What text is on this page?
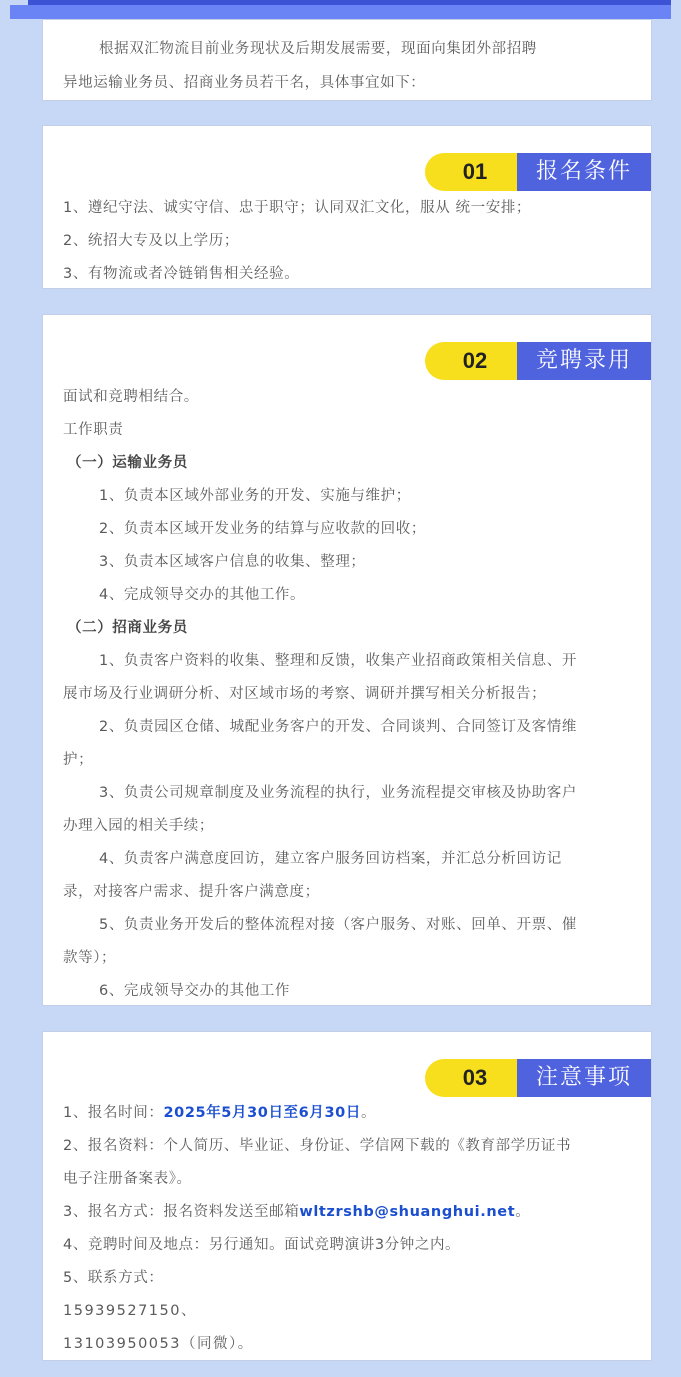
根据双汇物流目前业务现状及后期发展需要，现面向集团外部招聘

异地运输业务员、招商业务员若干名，具体事宜如下：

01	报名条件

1、遵纪守法、诚实守信、忠于职守；认同双汇文化，服从 统一安排；

2、统招大专及以上学历；

3、有物流或者冷链销售相关经验。

02	竞聘录用

面试和竞聘相结合。

工作职责

（一）运输业务员

1、负责本区域外部业务的开发、实施与维护；

2、负责本区域开发业务的结算与应收款的回收；

3、负责本区域客户信息的收集、整理；

4、完成领导交办的其他工作。

（二）招商业务员

1、负责客户资料的收集、整理和反馈，收集产业招商政策相关信息、开

展市场及行业调研分析、对区域市场的考察、调研并撰写相关分析报告；

2、负责园区仓储、城配业务客户的开发、合同谈判、合同签订及客情维

护；

3、负责公司规章制度及业务流程的执行，业务流程提交审核及协助客户

办理入园的相关手续；

4、负责客户满意度回访，建立客户服务回访档案，并汇总分析回访记

录，对接客户需求、提升客户满意度；

5、负责业务开发后的整体流程对接（客户服务、对账、回单、开票、催

款等）；

6、完成领导交办的其他工作

03	注意事项

1、报名时间：2025年5月30日至6月30日。

2、报名资料：个人简历、毕业证、身份证、学信网下载的《教育部学历证书

电子注册备案表》。

3、报名方式：报名资料发送至邮箱wltzrshb@shuanghui.net。

4、竞聘时间及地点：另行通知。面试竞聘演讲3分钟之内。

5、联系方式：

15939527150、

13103950053（同微）。
